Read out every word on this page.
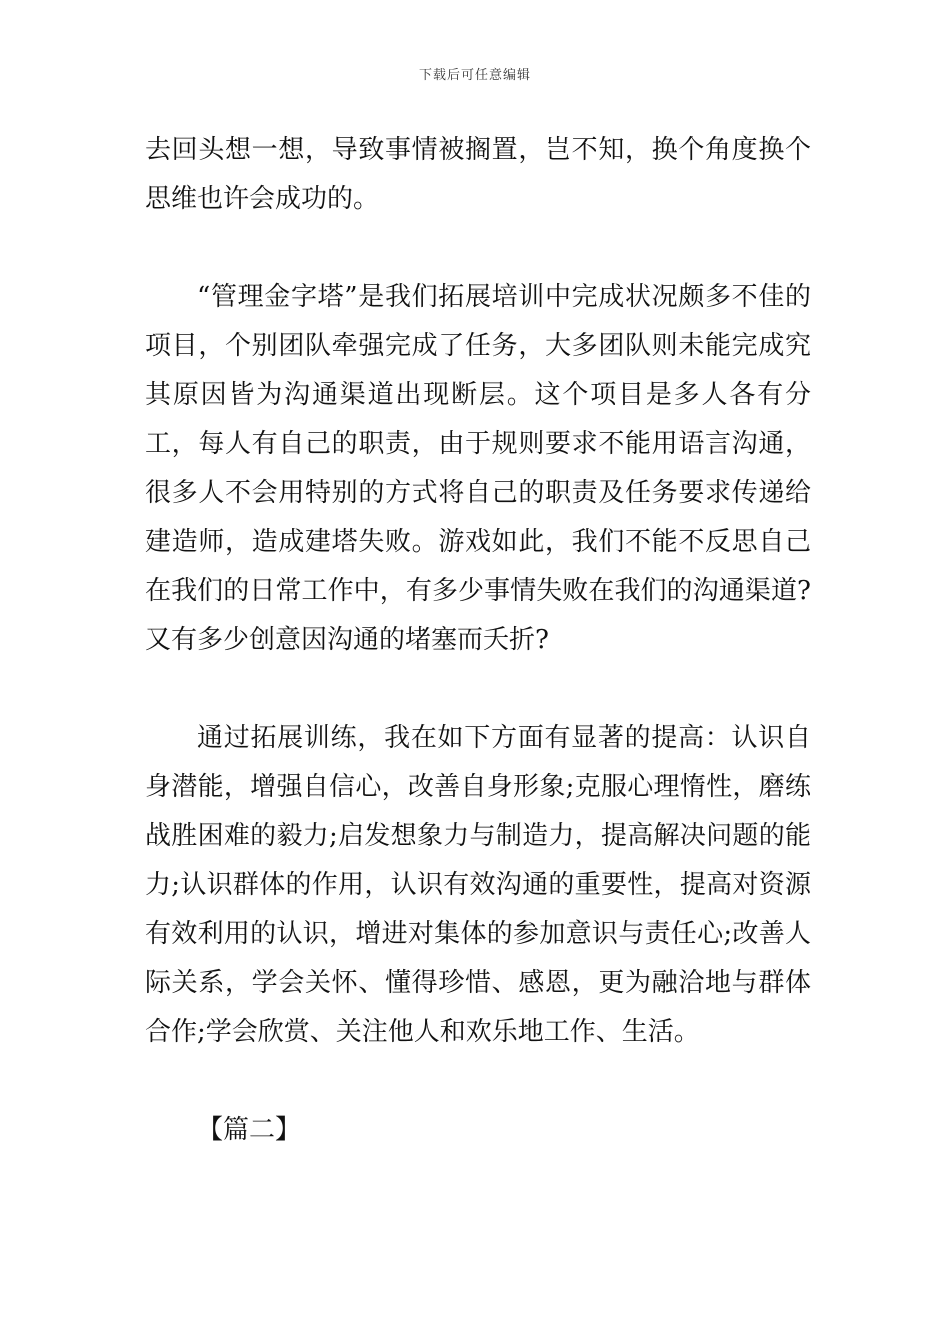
下载后可任意编辑

去回头想一想，导致事情被搁置，岂不知，换个角度换个思维也许会成功的。

“管理金字塔”是我们拓展培训中完成状况颇多不佳的项目，个别团队牵强完成了任务，大多团队则未能完成究其原因皆为沟通渠道出现断层。这个项目是多人各有分工，每人有自己的职责，由于规则要求不能用语言沟通，很多人不会用特别的方式将自己的职责及任务要求传递给建造师，造成建塔失败。游戏如此，我们不能不反思自己在我们的日常工作中，有多少事情失败在我们的沟通渠道?又有多少创意因沟通的堵塞而夭折?

通过拓展训练，我在如下方面有显著的提高：认识自身潜能，增强自信心，改善自身形象;克服心理惰性，磨练战胜困难的毅力;启发想象力与制造力，提高解决问题的能力;认识群体的作用，认识有效沟通的重要性，提高对资源有效利用的认识，增进对集体的参加意识与责任心;改善人际关系，学会关怀、懂得珍惜、感恩，更为融洽地与群体合作;学会欣赏、关注他人和欢乐地工作、生活。

【篇二】
